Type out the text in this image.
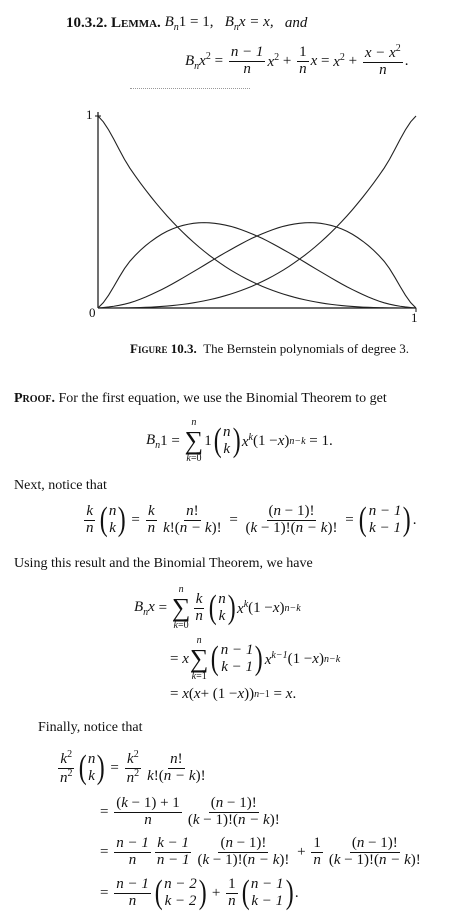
10.3.2.
Lemma.
$B_n1 = 1$,
$B_nx = x$,
and
$B_nx^2 = \frac{n - 1}{n} x^2 + \frac{1}{n}$ $x = x^2 + \frac{x - x^2}{n}$ .
1
0	1
Figure 10.3. The Bernstein polynomials of degree 3.
Proof. For the first equation, we use the Binomial Theorem to get
$B_n$ 1 =
n
∑
k=0
1 ( n
k ) $x^k$ (1 − x ) n−k = 1.
Next, notice that
$\frac{k}{n}$ ( n
k ) = $\frac{k}{n} \frac{n!}{k!(n - k)!} = \frac{(n - 1)!}{(k - 1)!(n - k)!}$ = ( n − 1
k − 1 ) .
Using this result and the Binomial Theorem, we have
$B_nx$ =
n
∑
k=0
$\frac{k}{n}$ ( n
k ) $x^k$ (1 − x ) n−k
= x
n
∑
k=1 ( n − 1
k − 1 ) $x^{k-1}$ (1 − x ) n−k
= x ( x + (1 − x )) n−1 = x .
Finally, notice that
$\frac{k^2}{n^2}$ ( n
k ) = $\frac{k^2}{n^2} \frac{n!}{k!(n - k)!}$
= $\frac{(k - 1) + 1}{n} \frac{(n - 1)!}{(k - 1)!(n - k)!}$
= $\frac{n - 1}{n} \frac{k - 1}{n - 1} \frac{(n - 1)!}{(k - 1)!(n - k)!} + \frac{1}{n} \frac{(n - 1)!}{(k - 1)!(n - k)!}$
= $\frac{n - 1}{n}$ ( n − 2
k − 2 ) + $\frac{1}{n}$ ( n − 1
k − 1 ) .
